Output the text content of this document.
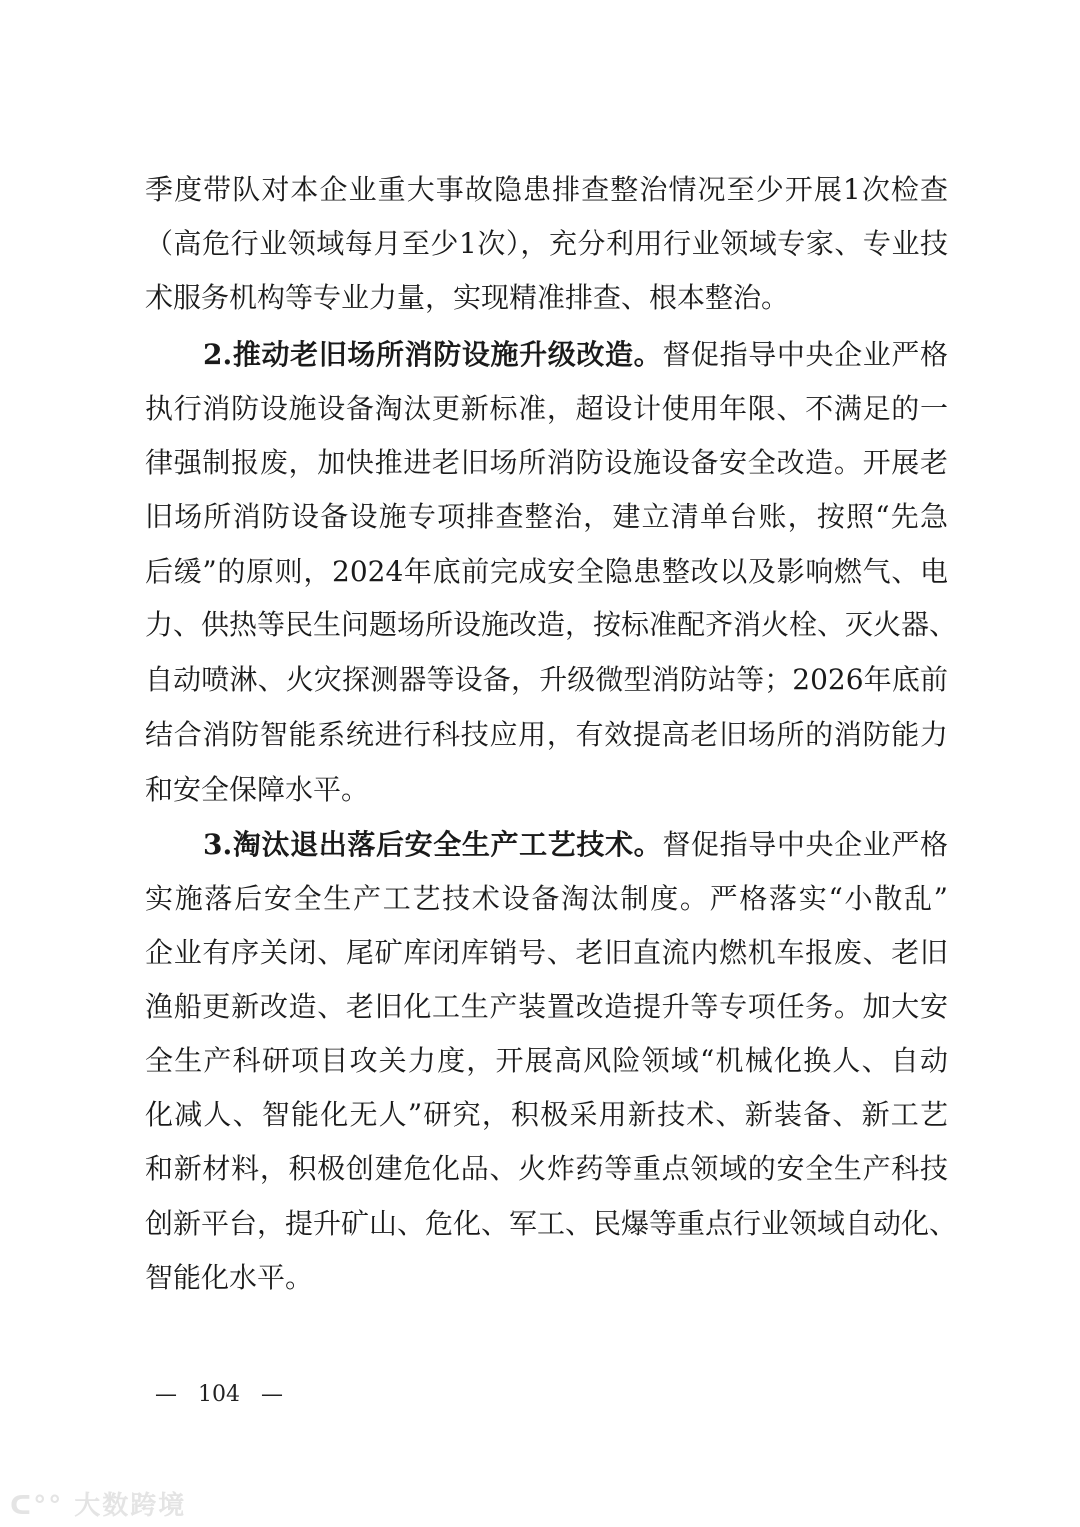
季度带队对本企业重大事故隐患排查整治情况至少开展1次检查
（高危行业领域每月至少1次），充分利用行业领域专家、专业技
术服务机构等专业力量，实现精准排查、根本整治。
2.推动老旧场所消防设施升级改造。督促指导中央企业严格
执行消防设施设备淘汰更新标准，超设计使用年限、不满足的一
律强制报废，加快推进老旧场所消防设施设备安全改造。开展老
旧场所消防设备设施专项排查整治，建立清单台账，按照“先急
后缓”的原则，2024年底前完成安全隐患整改以及影响燃气、电
力、供热等民生问题场所设施改造，按标准配齐消火栓、灭火器、
自动喷淋、火灾探测器等设备，升级微型消防站等；2026年底前
结合消防智能系统进行科技应用，有效提高老旧场所的消防能力
和安全保障水平。
3.淘汰退出落后安全生产工艺技术。督促指导中央企业严格
实施落后安全生产工艺技术设备淘汰制度。严格落实“小散乱”
企业有序关闭、尾矿库闭库销号、老旧直流内燃机车报废、老旧
渔船更新改造、老旧化工生产装置改造提升等专项任务。加大安
全生产科研项目攻关力度，开展高风险领域“机械化换人、自动
化减人、智能化无人”研究，积极采用新技术、新装备、新工艺
和新材料，积极创建危化品、火炸药等重点领域的安全生产科技
创新平台，提升矿山、危化、军工、民爆等重点行业领域自动化、
智能化水平。
— 104 —
ᑕ°° 大数跨境
